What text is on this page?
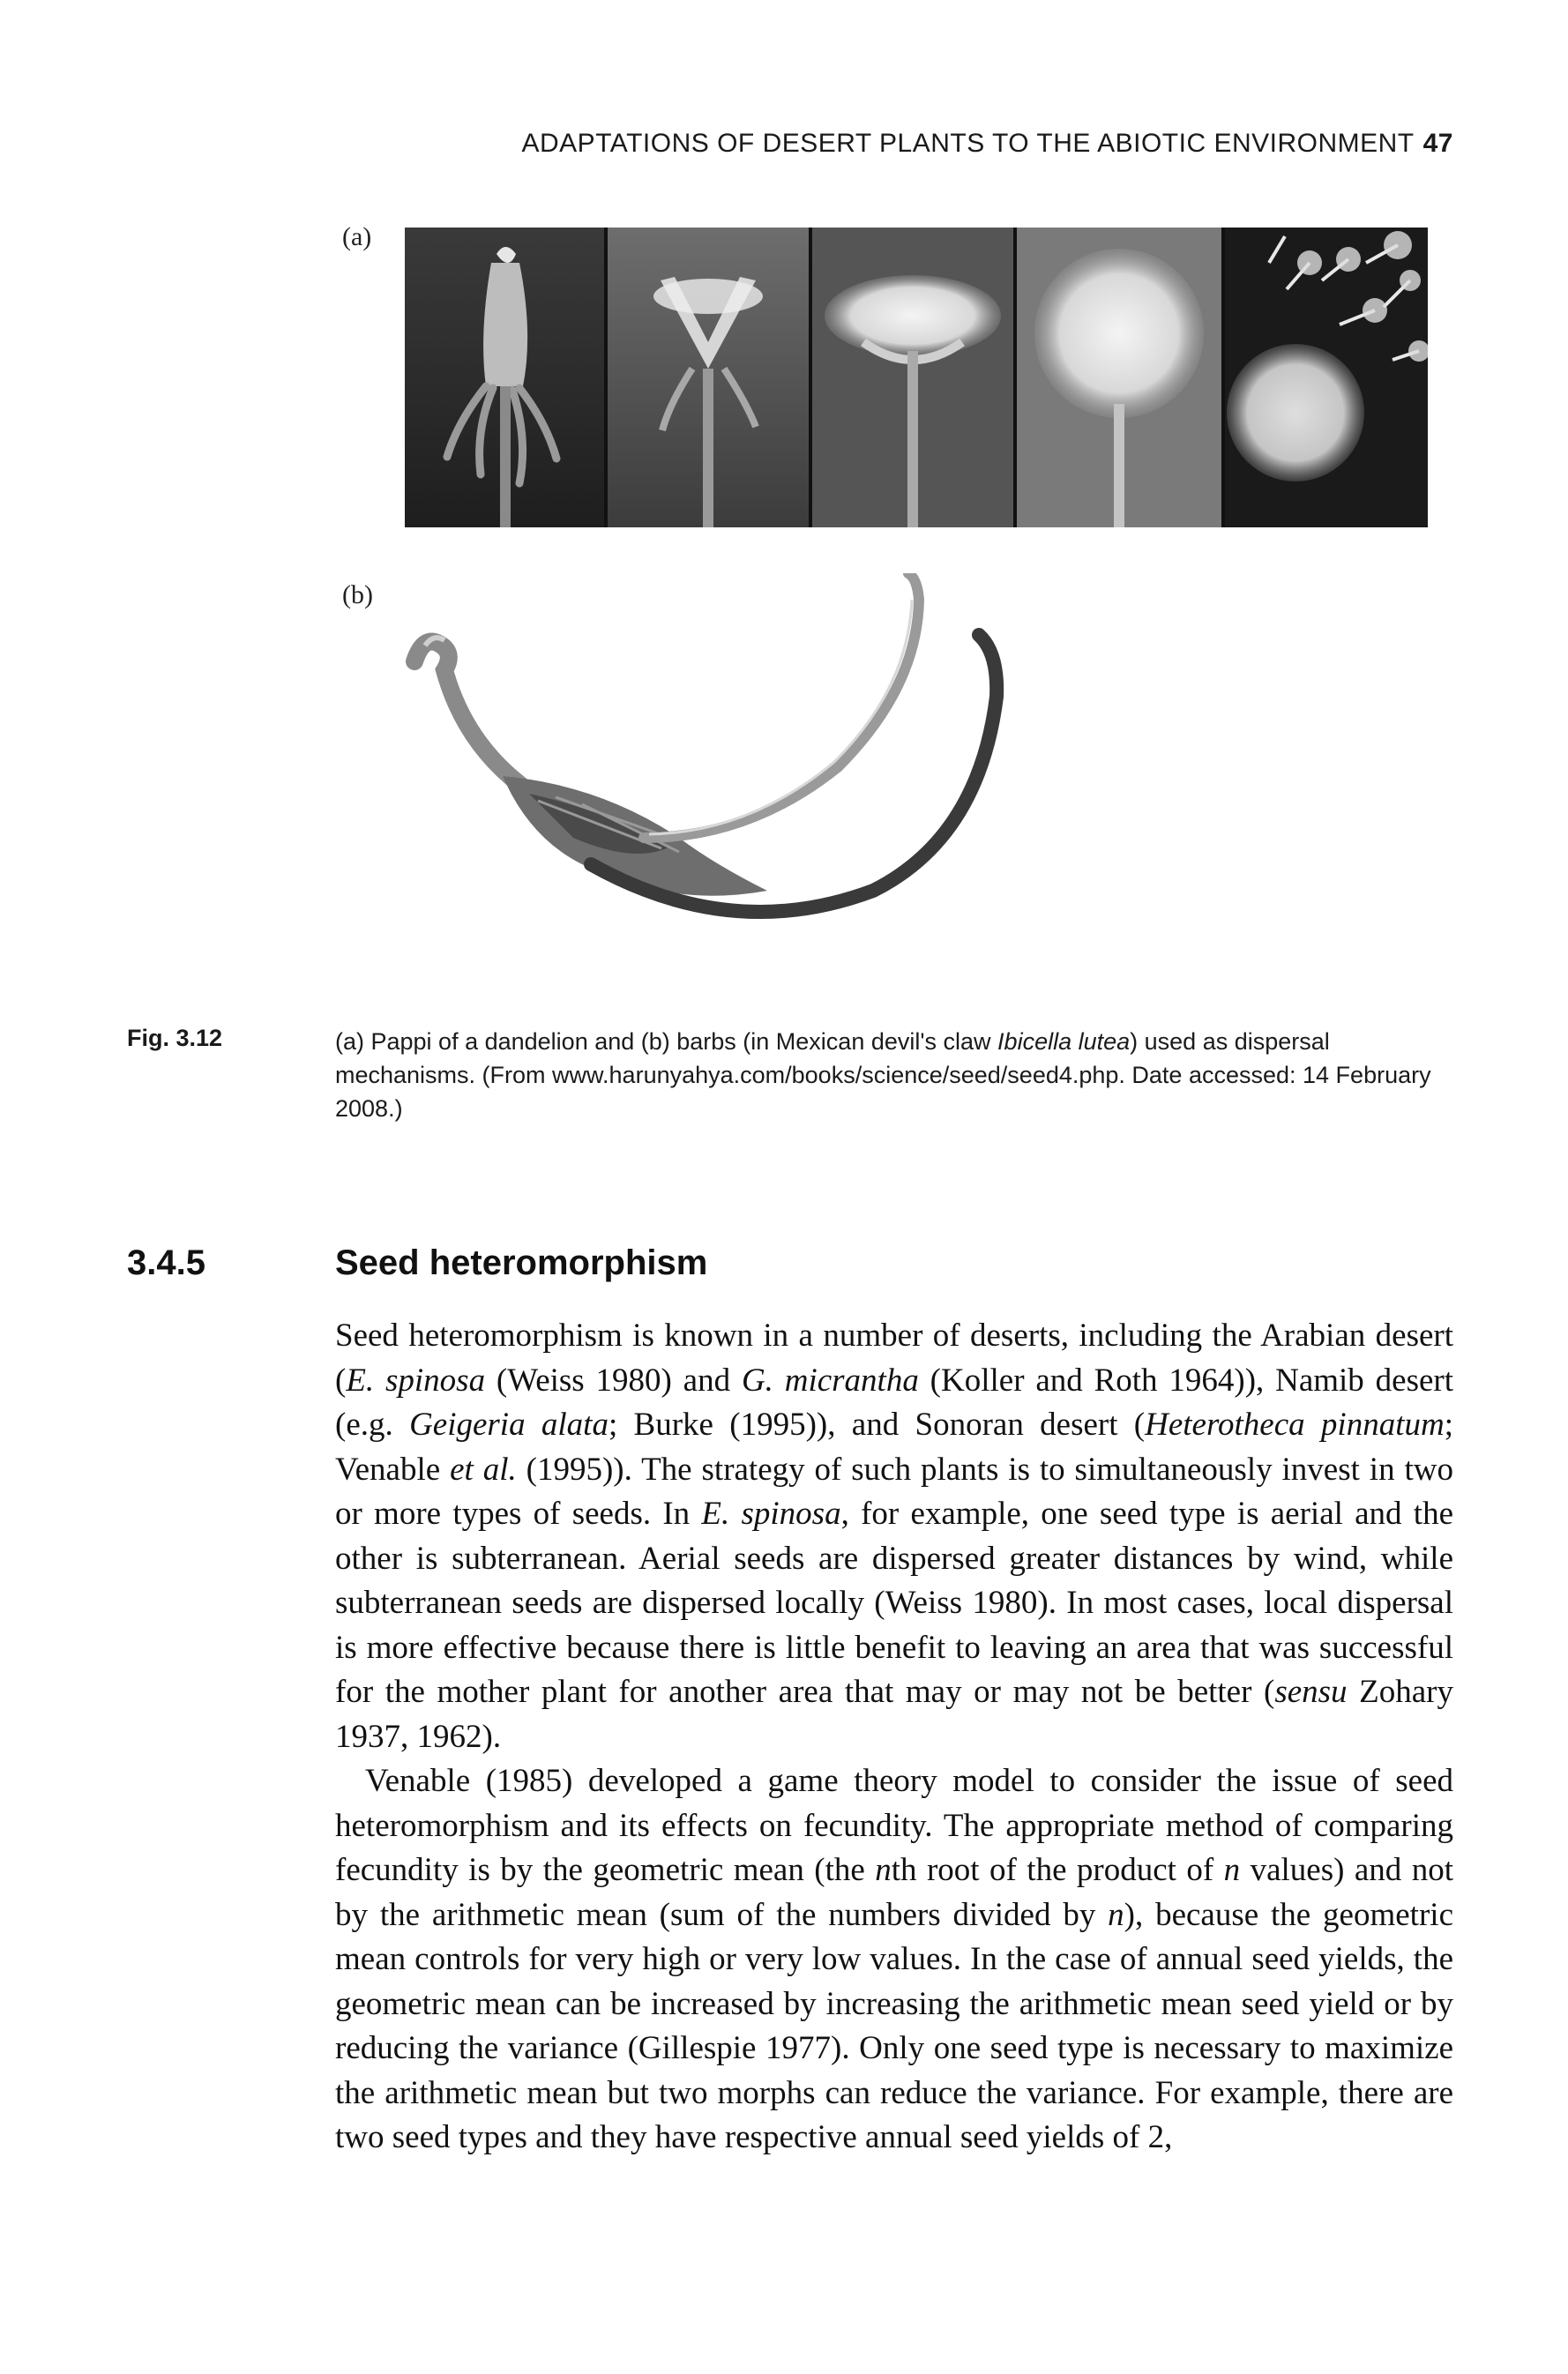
ADAPTATIONS OF DESERT PLANTS TO THE ABIOTIC ENVIRONMENT 47
(a)
(b)
Fig. 3.12	(a) Pappi of a dandelion and (b) barbs (in Mexican devil's claw Ibicella lutea) used as dispersal mechanisms. (From www.harunyahya.com/books/science/seed/seed4.php. Date accessed: 14 February 2008.)
3.4.5	Seed heteromorphism

Seed heteromorphism is known in a number of deserts, including the Arabian desert (E. spinosa (Weiss 1980) and G. micrantha (Koller and Roth 1964)), Namib desert (e.g. Geigeria alata; Burke (1995)), and Sonoran desert (Heterotheca pinnatum; Venable et al. (1995)). The strategy of such plants is to simultaneously invest in two or more types of seeds. In E. spinosa, for example, one seed type is aerial and the other is subterranean. Aerial seeds are dispersed greater distances by wind, while subterranean seeds are dispersed locally (Weiss 1980). In most cases, local dispersal is more effective because there is little benefit to leaving an area that was successful for the mother plant for another area that may or may not be better (sensu Zohary 1937, 1962).

Venable (1985) developed a game theory model to consider the issue of seed heteromorphism and its effects on fecundity. The appropriate method of comparing fecundity is by the geometric mean (the nth root of the product of n values) and not by the arithmetic mean (sum of the numbers divided by n), because the geometric mean controls for very high or very low values. In the case of annual seed yields, the geometric mean can be increased by increasing the arithmetic mean seed yield or by reducing the variance (Gillespie 1977). Only one seed type is necessary to maximize the arithmetic mean but two morphs can reduce the variance. For example, there are two seed types and they have respective annual seed yields of 2,
